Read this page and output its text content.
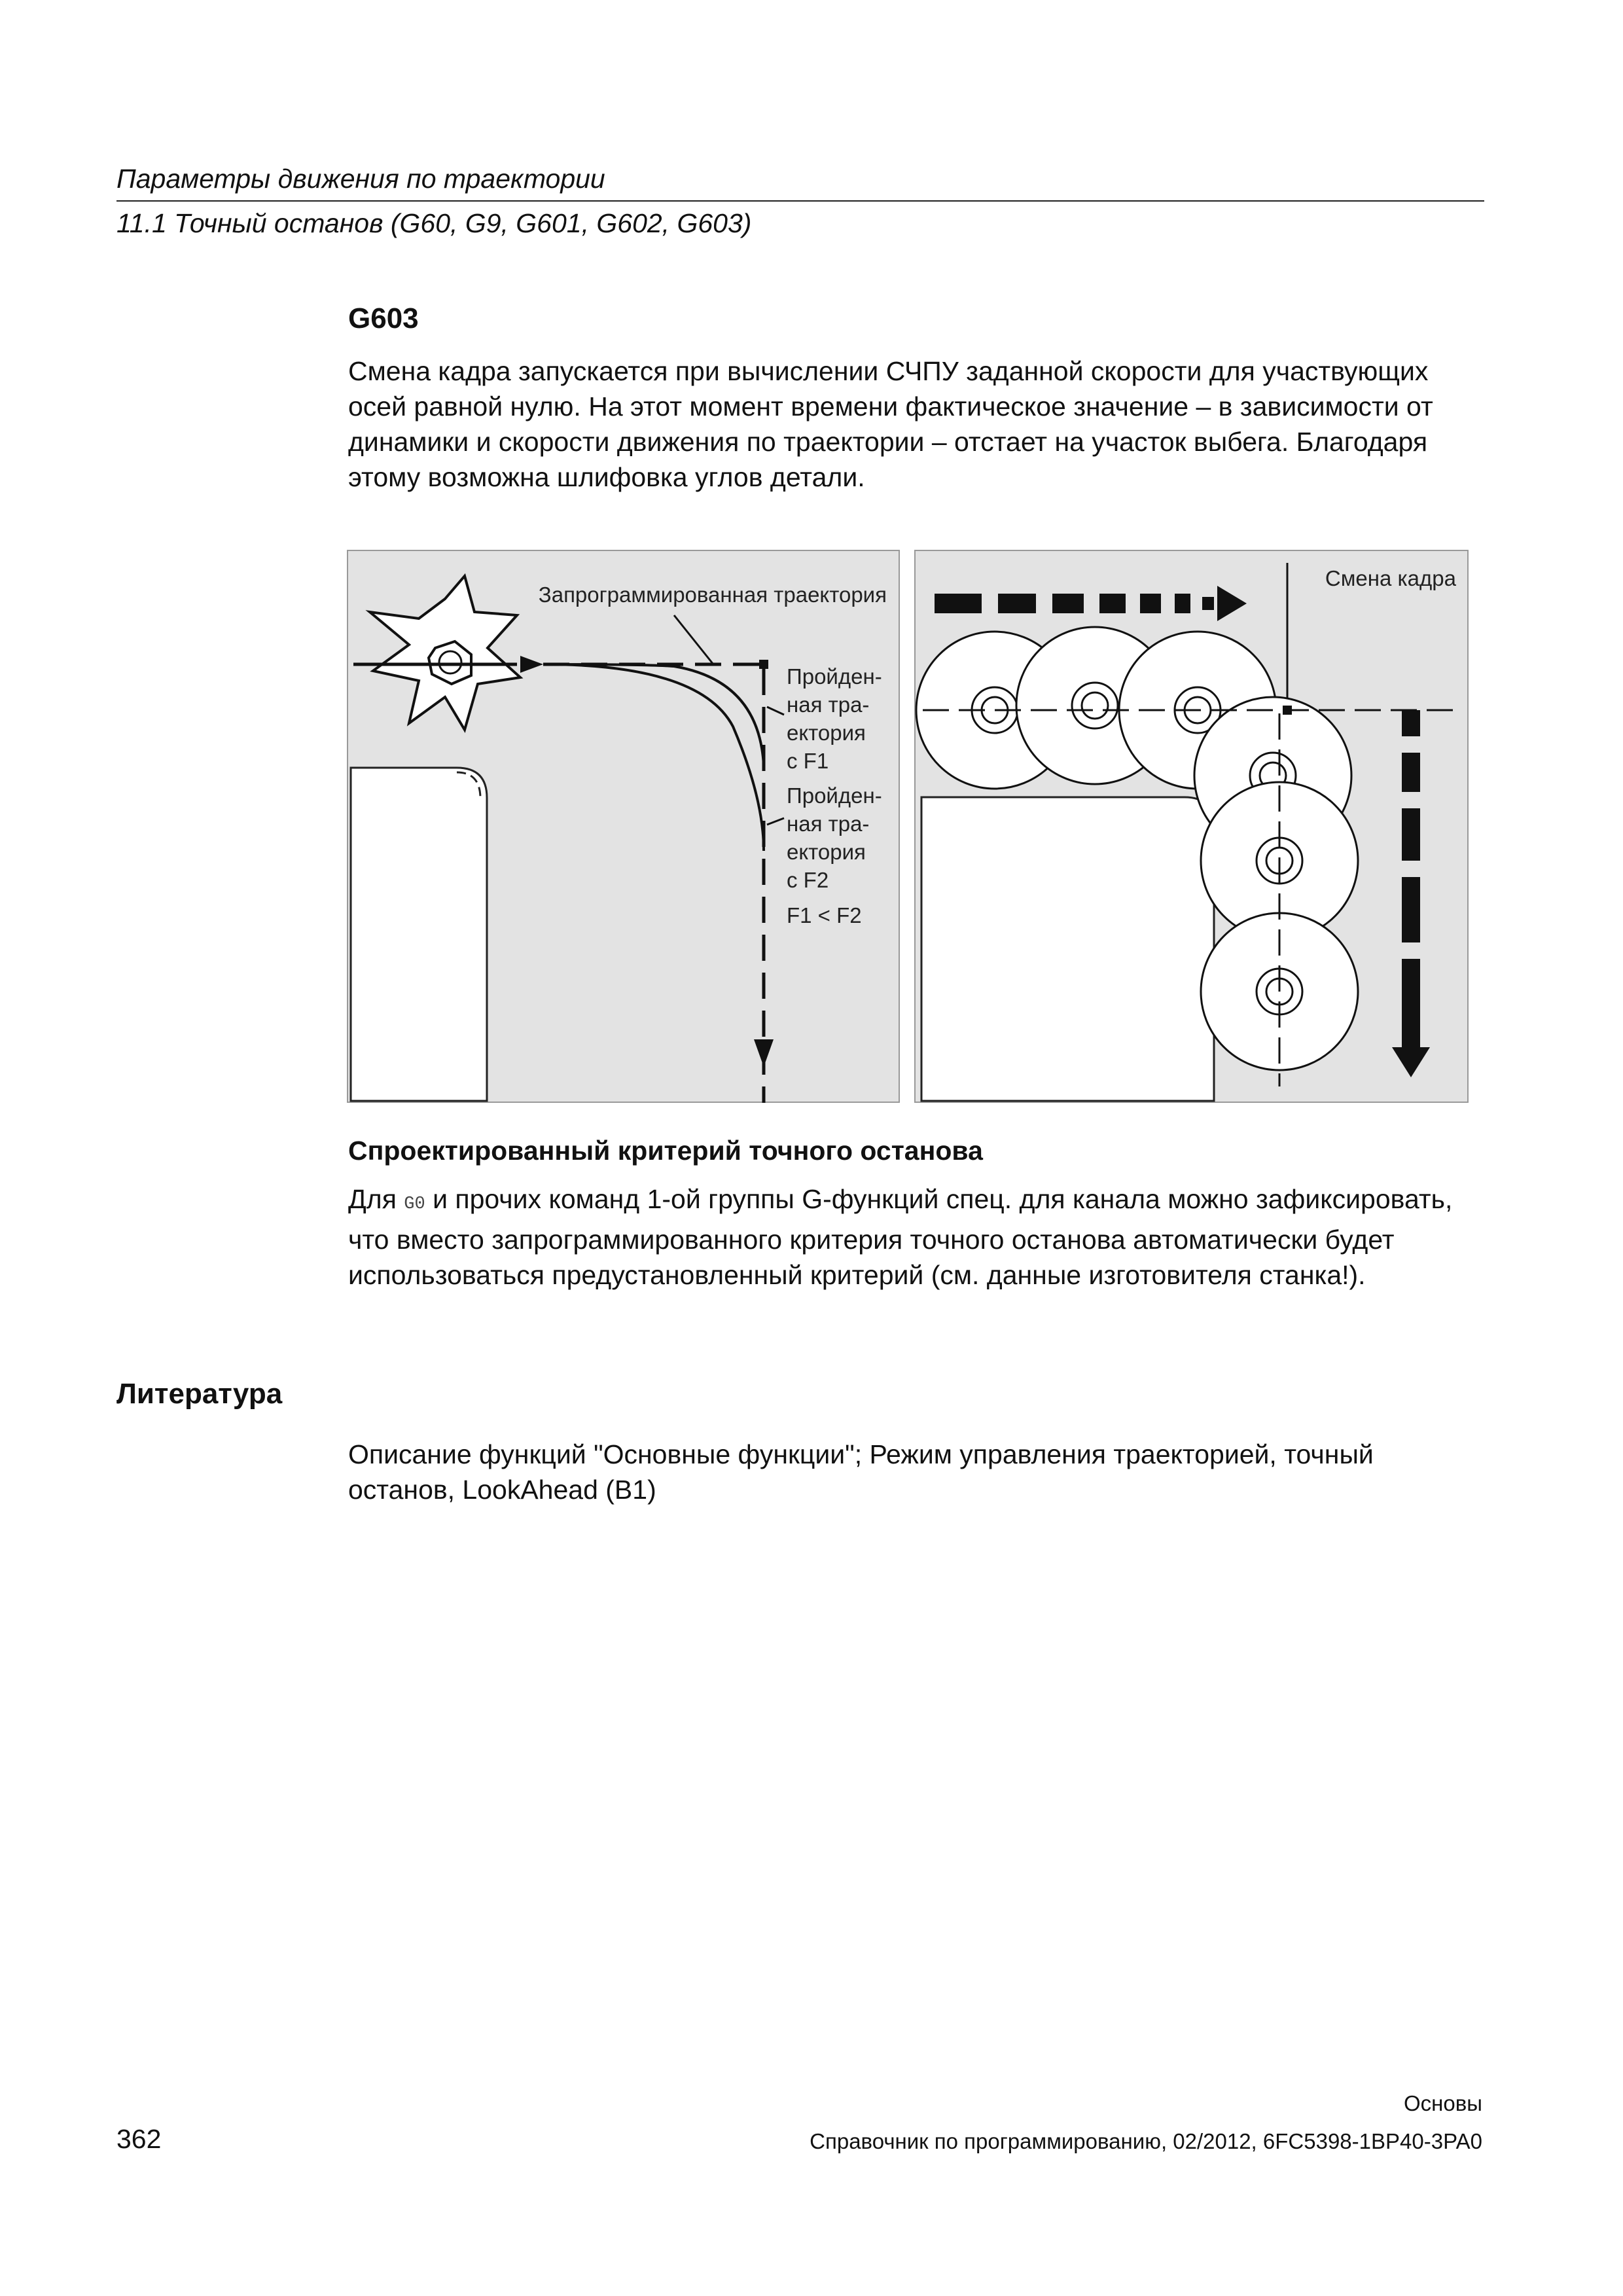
Параметры движения по траектории
11.1 Точный останов (G60, G9, G601, G602, G603)
G603

Смена кадра запускается при вычислении СЧПУ заданной скорости для участвующих осей равной нулю. На этот момент времени фактическое значение – в зависимости от динамики и скорости движения по траектории – отстает на участок выбега. Благодаря этому возможна шлифовка углов детали.

Запрограммированная траектория
Пройден-
ная тра-
ектория
с F1
Пройден-
ная тра-
ектория
с F2
F1 < F2
Смена кадра
Спроектированный критерий точного останова

Для G0 и прочих команд 1-ой группы G-функций спец. для канала можно зафиксировать, что вместо запрограммированного критерия точного останова автоматически будет использоваться предустановленный критерий (см. данные изготовителя станка!).

Литература

Описание функций "Основные функции"; Режим управления траекторией, точный останов, LookAhead (B1)

Основы
362	Справочник по программированию, 02/2012, 6FC5398-1BP40-3PA0
